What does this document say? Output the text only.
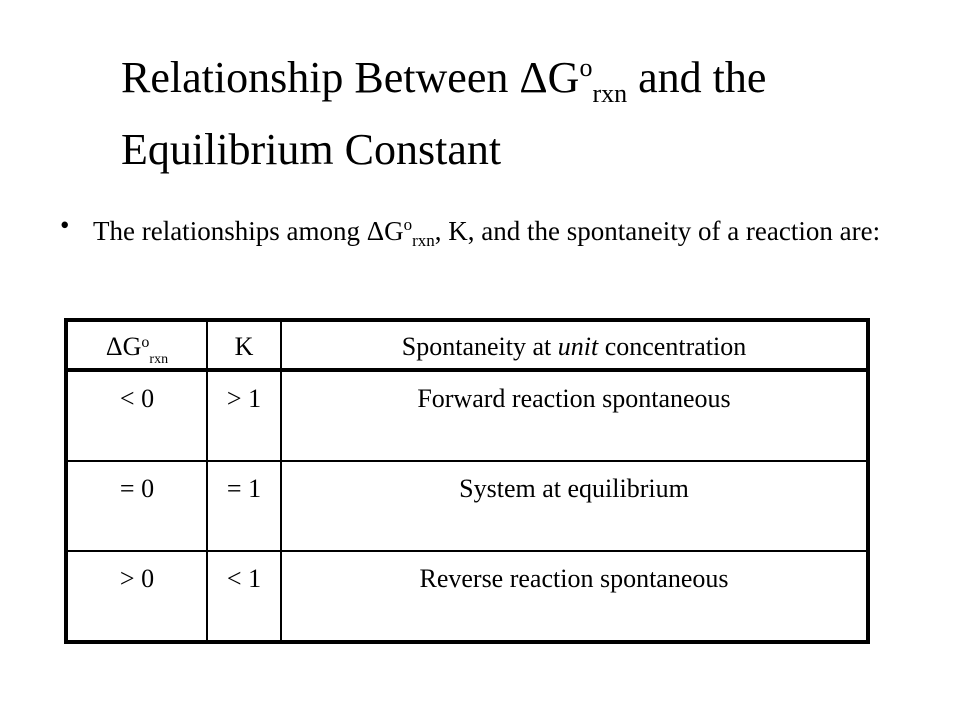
Relationship Between $\Delta G^o_{rxn}$ and the
Equilibrium Constant
• The relationships among $\Delta G^o_{rxn}$, K, and the spontaneity of a reaction are:
$\Delta G^o_{rxn}$	K	Spontaneity at unit concentration
< 0	> 1	Forward reaction spontaneous
= 0	= 1	System at equilibrium
> 0	< 1	Reverse reaction spontaneous
